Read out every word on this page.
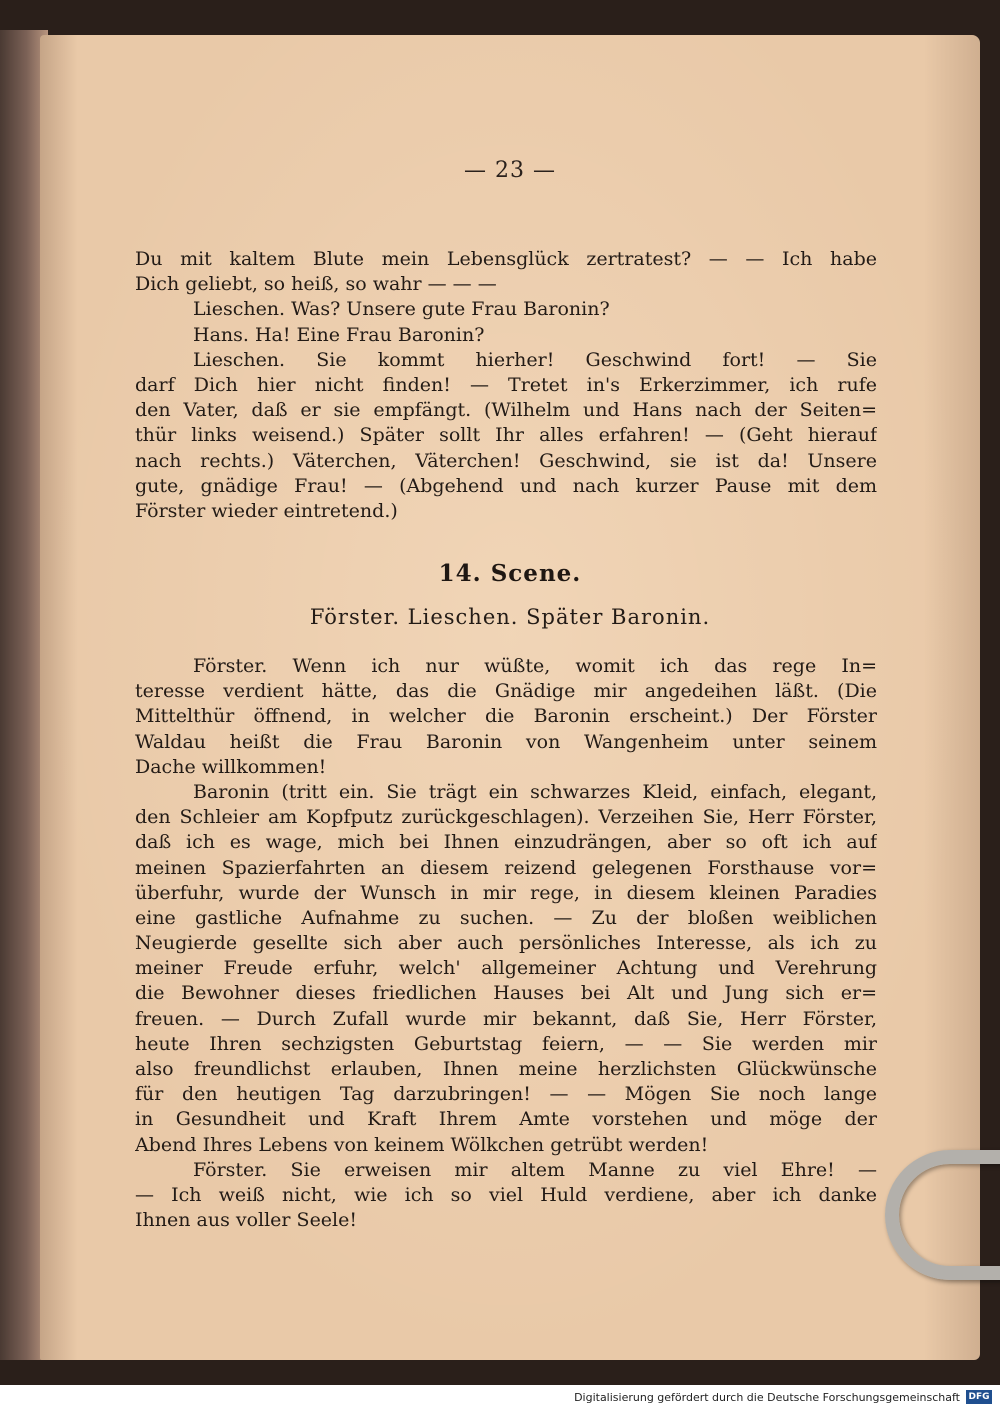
— 23 —
Du mit kaltem Blute mein Lebensglück zertratest? — — Ich habe
Dich geliebt, so heiß, so wahr — — —
Lieschen. Was? Unsere gute Frau Baronin?
Hans. Ha! Eine Frau Baronin?
Lieschen. Sie kommt hierher! Geschwind fort! — Sie
darf Dich hier nicht finden! — Tretet in's Erkerzimmer, ich rufe
den Vater, daß er sie empfängt. (Wilhelm und Hans nach der Seiten=
thür links weisend.) Später sollt Ihr alles erfahren! — (Geht hierauf
nach rechts.) Väterchen, Väterchen! Geschwind, sie ist da! Unsere
gute, gnädige Frau! — (Abgehend und nach kurzer Pause mit dem
Förster wieder eintretend.)
14. Scene.
Förster. Lieschen. Später Baronin.
Förster. Wenn ich nur wüßte, womit ich das rege In=
teresse verdient hätte, das die Gnädige mir angedeihen läßt. (Die
Mittelthür öffnend, in welcher die Baronin erscheint.) Der Förster
Waldau heißt die Frau Baronin von Wangenheim unter seinem
Dache willkommen!
Baronin (tritt ein. Sie trägt ein schwarzes Kleid, einfach, elegant,
den Schleier am Kopfputz zurückgeschlagen). Verzeihen Sie, Herr Förster,
daß ich es wage, mich bei Ihnen einzudrängen, aber so oft ich auf
meinen Spazierfahrten an diesem reizend gelegenen Forsthause vor=
überfuhr, wurde der Wunsch in mir rege, in diesem kleinen Paradies
eine gastliche Aufnahme zu suchen. — Zu der bloßen weiblichen
Neugierde gesellte sich aber auch persönliches Interesse, als ich zu
meiner Freude erfuhr, welch' allgemeiner Achtung und Verehrung
die Bewohner dieses friedlichen Hauses bei Alt und Jung sich er=
freuen. — Durch Zufall wurde mir bekannt, daß Sie, Herr Förster,
heute Ihren sechzigsten Geburtstag feiern, — — Sie werden mir
also freundlichst erlauben, Ihnen meine herzlichsten Glückwünsche
für den heutigen Tag darzubringen! — — Mögen Sie noch lange
in Gesundheit und Kraft Ihrem Amte vorstehen und möge der
Abend Ihres Lebens von keinem Wölkchen getrübt werden!
Förster. Sie erweisen mir altem Manne zu viel Ehre! —
— Ich weiß nicht, wie ich so viel Huld verdiene, aber ich danke
Ihnen aus voller Seele!
Digitalisierung gefördert durch die Deutsche Forschungsgemeinschaft DFG
